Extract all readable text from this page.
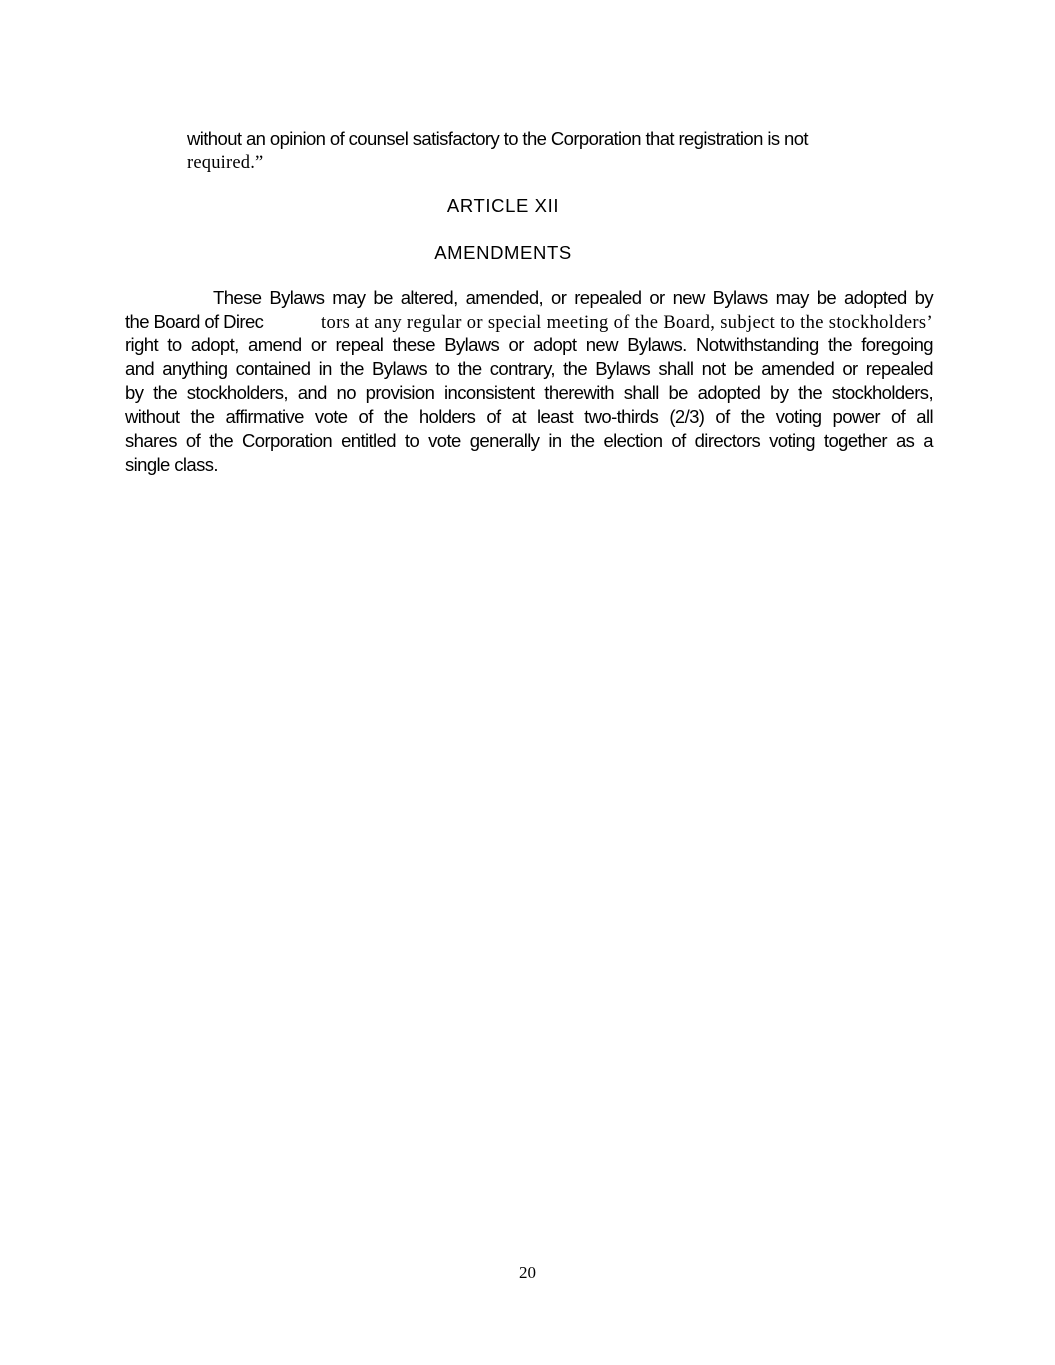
without an opinion of counsel satisfactory to the Corporation that registration is not
required.”
ARTICLE XII
AMENDMENTS
These Bylaws may be altered, amended, or repealed or new Bylaws may be adopted by
the Board of Direc	tors at any regular or special meeting of the Board, subject to the stockholders’
right to adopt, amend or repeal these Bylaws or adopt new Bylaws. Notwithstanding the foregoing
and anything contained in the Bylaws to the contrary, the Bylaws shall not be amended or repealed
by the stockholders, and no provision inconsistent therewith shall be adopted by the stockholders,
without the affirmative vote of the holders of at least two-thirds (2/3) of the voting power of all
shares of the Corporation entitled to vote generally in the election of directors voting together as a
single class.
20
